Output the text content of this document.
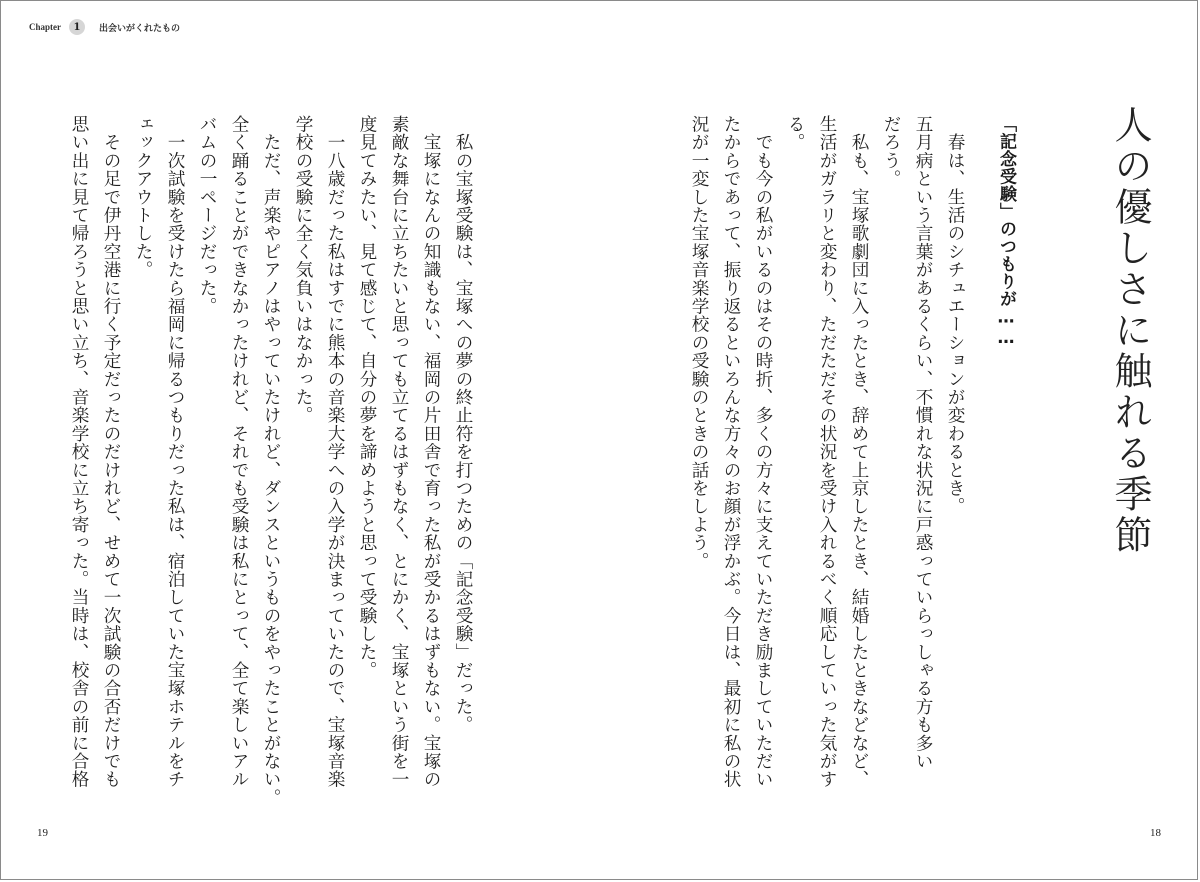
Chapter	1	出会いがくれたもの
人の優しさに触れる季節
「記念受験」のつもりが……
　春は、生活のシチュエーションが変わるとき。
五月病という言葉があるくらい、不慣れな状況に戸惑っていらっしゃる方も多い
だろう。
　私も、宝塚歌劇団に入ったとき、辞めて上京したとき、結婚したときなどなど、
生活がガラリと変わり、ただただその状況を受け入れるべく順応していった気がす
る。
　でも今の私がいるのはその時折、多くの方々に支えていただき励ましていただい
たからであって、振り返るといろんな方々のお顔が浮かぶ。今日は、最初に私の状
況が一変した宝塚音楽学校の受験のときの話をしよう。
　私の宝塚受験は、宝塚への夢の終止符を打つための「記念受験」だった。
　宝塚になんの知識もない、福岡の片田舎で育った私が受かるはずもない。宝塚の
素敵な舞台に立ちたいと思っても立てるはずもなく、とにかく、宝塚という街を一
度見てみたい、見て感じて、自分の夢を諦めようと思って受験した。
　一八歳だった私はすでに熊本の音楽大学への入学が決まっていたので、宝塚音楽
学校の受験に全く気負いはなかった。
　ただ、声楽やピアノはやっていたけれど、ダンスというものをやったことがない。
全く踊ることができなかったけれど、それでも受験は私にとって、全て楽しいアル
バムの一ページだった。
　一次試験を受けたら福岡に帰るつもりだった私は、宿泊していた宝塚ホテルをチ
ェックアウトした。
　その足で伊丹空港に行く予定だったのだけれど、せめて一次試験の合否だけでも
思い出に見て帰ろうと思い立ち、音楽学校に立ち寄った。当時は、校舎の前に合格
19	18
